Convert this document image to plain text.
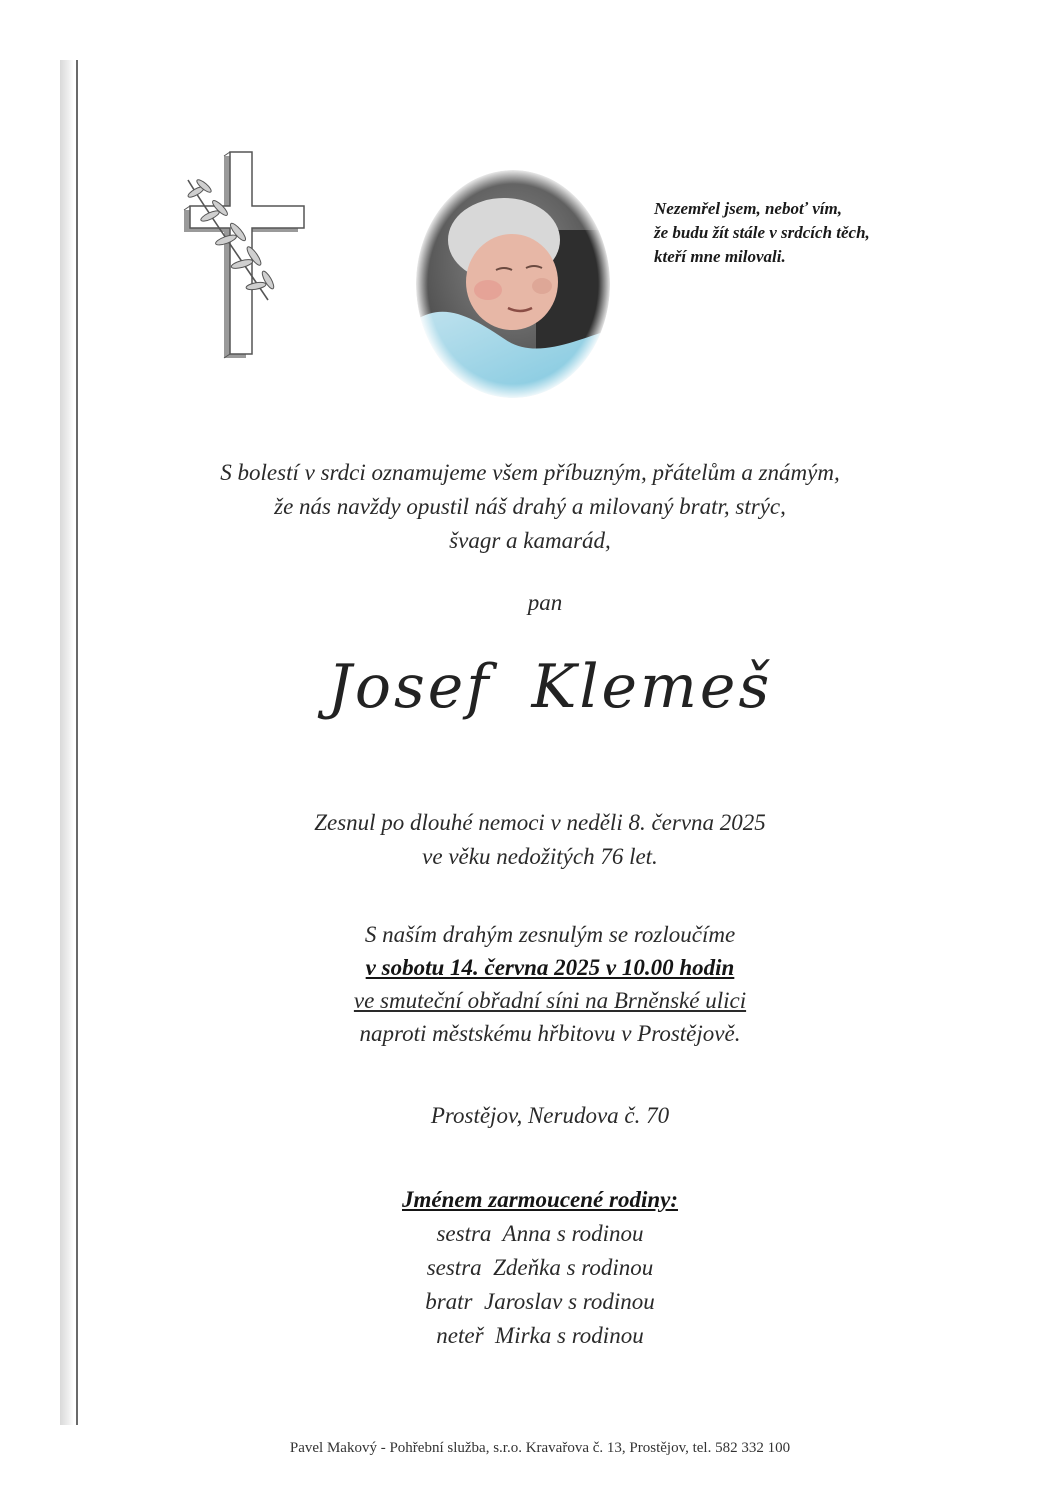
Nezemřel jsem, neboť vím,
že budu žít stále v srdcích těch,
kteří mne milovali.
S bolestí v srdci oznamujeme všem příbuzným, přátelům a známým,
že nás navždy opustil náš drahý a milovaný bratr, strýc,
švagr a kamarád,
pan
Josef Klemeš
Zesnul po dlouhé nemoci v neděli 8. června 2025
ve věku nedožitých 76 let.
S naším drahým zesnulým se rozloučíme
v sobotu 14. června 2025 v 10.00 hodin
ve smuteční obřadní síni na Brněnské ulici
naproti městskému hřbitovu v Prostějově.
Prostějov, Nerudova č. 70
Jménem zarmoucené rodiny:
sestra  Anna s rodinou
sestra  Zdeňka s rodinou
bratr  Jaroslav s rodinou
neteř  Mirka s rodinou
Pavel Makový - Pohřební služba, s.r.o. Kravařova č. 13, Prostějov, tel. 582 332 100
